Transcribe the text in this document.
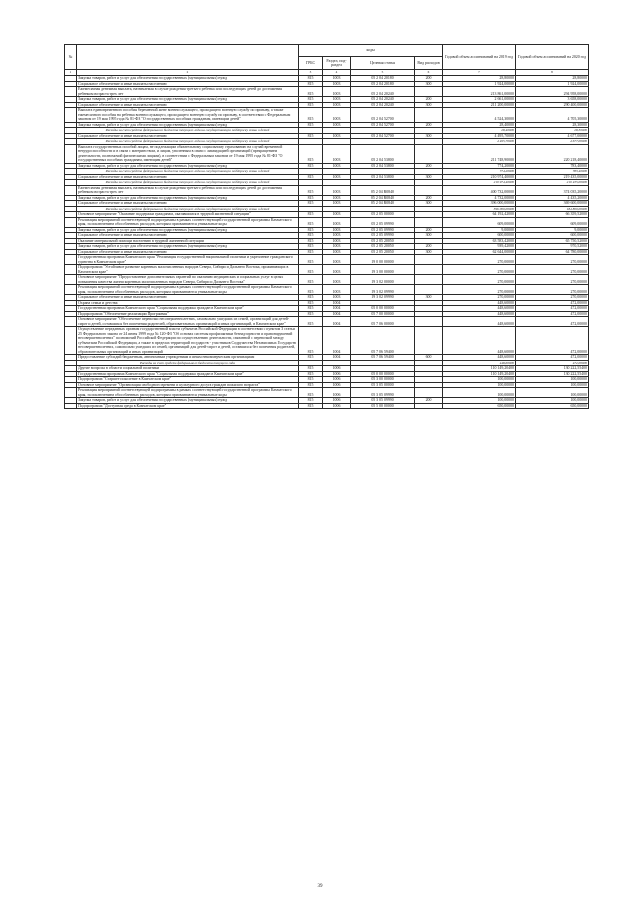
№		коды				Годовой объем ассигнований на 2019 год	Годовой объем ассигнований на 2020 год
		ГРБС	Раздел, под-раздел	Целевая статья	Вид расходов		
1	2	3	4	5	6	7	8
	Закупка товаров, работ и услуг для обеспечения государственных (муниципальных) нужд	815	1003	05 2 04 20180	200	28,80000	28,80000
	Социальное обеспечение и иные выплаты населению	815	1003	05 2 04 20180	300	1 924,00000	1 924,00000
	Ежемесячная денежная выплата, назначаемая в случае рождения третьего ребенка или последующих детей до достижения ребенком возраста трех лет	815	1003	05 2 04 20240		213 861,00000	294 958,00000
	Закупка товаров, работ и услуг для обеспечения государственных (муниципальных) нужд	815	1003	05 2 04 20240	200	2 661,00000	3 658,00000
	Социальное обеспечение и иные выплаты населению	815	1003	05 2 04 20240	300	211 200,00000	290 400,00000
	Выплата единовременного пособия беременной жене военнослужащего, проходящего военную службу по призыву, а также ежемесячного пособия на ребенка военнослужащего, проходящего военную службу по призыву, в соответствии с Федеральным законом от 19 мая 1995 года № 81-ФЗ "О государственных пособиях гражданам, имеющим детей"	815	1003	05 2 04 52700		4 524,30000	4 705,30000
	Закупка товаров, работ и услуг для обеспечения государственных (муниципальных) нужд	815	1003	05 2 04 52700	200	28,40000	28,30000
	Расходы за счет средств федерального бюджета текущего года на государственную поддержку семьи и детей					28,40000	28,30000
	Социальное обеспечение и иные выплаты населению	815	1003	05 2 04 52700	300	4 495,70000	4 677,00000
	Расходы за счет средств федерального бюджета текущего года на государственную поддержку семьи и детей					4 495,70000	4 677,00000
	Выплата государственных пособий лицам, не подлежащим обязательному социальному страхованию на случай временной нетрудоспособности и в связи с материнством, и лицам, уволенным в связи с ликвидацией организаций (прекращением деятельности, полномочий физическими лицами), в соответствии с Федеральным законом от 19 мая 1995 года № 81-ФЗ "О государственных пособиях гражданам, имеющим детей"	815	1003	05 2 04 53800		211 748,90000	220 218,40000
	Закупка товаров, работ и услуг для обеспечения государственных (муниципальных) нужд	815	1003	05 2 04 53800	200	774,20000	783,40000
	Расходы за счет средств федерального бюджета текущего года на государственную поддержку семьи и детей					774,20000	783,40000
	Социальное обеспечение и иные выплаты населению	815	1003	05 2 04 53800	300	210 974,40000	219 435,00000
	Расходы за счет средств федерального бюджета текущего года на государственную поддержку семьи и детей					210 974,40000	219 435,00000
	Ежемесячная денежная выплата, назначаемая в случае рождения третьего ребенка или последующих детей до достижения ребенком возраста трех лет	815	1003	05 2 04 R0840		400 732,00000	374 035,20000
	Закупка товаров, работ и услуг для обеспечения государственных (муниципальных) нужд	815	1003	05 2 04 R0840	200	4 732,00000	4 435,20000
	Социальное обеспечение и иные выплаты населению	815	1003	05 2 04 R0840	300	396 000,00000	369 600,00000
	Расходы за счет средств федерального бюджета текущего года на государственную поддержку семьи и детей					396 000,00000	184 800,00000
	Основное мероприятие "Оказание поддержки гражданам, оказавшимся в трудной жизненной ситуации"	815	1003	05 2 05 00000		64 192,42000	66 359,52000
	Реализация мероприятий соответствующей подпрограммы в рамках соответствующей государственной программы Камчатского края, за исключением обособленных расходов, которым присваиваются уникальные коды	815	1003	05 2 05 09990		609,00000	609,00000
	Закупка товаров, работ и услуг для обеспечения государственных (муниципальных) нужд	815	1003	05 2 05 09990	200	9,00000	9,00000
	Социальное обеспечение и иные выплаты населению	815	1003	05 2 05 09990	300	600,00000	600,00000
	Оказание материальной помощи населению в трудной жизненной ситуации	815	1003	05 2 05 20050		63 583,42000	65 750,52000
	Закупка товаров, работ и услуг для обеспечения государственных (муниципальных) нужд	815	1003	05 2 05 20050	200	939,42000	970,52000
	Социальное обеспечение и иные выплаты населению	815	1003	05 2 05 20050	300	62 644,00000	64 780,00000
	Государственная программа Камчатского края "Реализация государственной национальной политики и укрепление гражданского единства в Камчатском крае"	815	1003	19 0 00 00000		270,00000	270,00000
	Подпрограмма "Устойчивое развитие коренных малочисленных народов Севера, Сибири и Дальнего Востока, проживающих в Камчатском крае"	815	1003	19 3 00 00000		270,00000	270,00000
	Основное мероприятие "Предоставление дополнительных гарантий по оказанию медицинских и социальных услуг в целях повышения качества жизни коренных малочисленных народов Севера, Сибири и Дальнего Востока"	815	1003	19 3 02 00000		270,00000	270,00000
	Реализация мероприятий соответствующей подпрограммы в рамках соответствующей государственной программы Камчатского края, за исключением обособленных расходов, которым присваиваются уникальные коды	815	1003	19 3 02 09990		270,00000	270,00000
	Социальное обеспечение и иные выплаты населению	815	1003	19 3 02 09990	300	270,00000	270,00000
	Охрана семьи и детства	815	1004			448,60000	472,00000
	Государственная программа Камчатского края "Социальная поддержка граждан в Камчатском крае"	815	1004	05 0 00 00000		448,60000	472,00000
	Подпрограмма "Обеспечение реализации Программы"	815	1004	05 7 00 00000		448,60000	472,00000
	Основное мероприятие "Обеспечение перевозки несовершеннолетних, самовольно ушедших из семей, организаций для детей-сирот и детей, оставшихся без попечения родителей, образовательных организаций и иных организаций, в Камчатском крае"	815	1004	05 7 06 00000		448,60000	472,00000
	Осуществление переданных органам государственной власти субъектов Российской Федерации в соответствии с пунктом 3 статьи 25 Федерального закона от 24 июня 1999 года № 120-ФЗ "Об основах системы профилактики безнадзорности и правонарушений несовершеннолетних" полномочий Российской Федерации по осуществлению деятельности, связанной с перевозкой между субъектами Российской Федерации, а также в пределах территорий государств - участников Содружества Независимых Государств несовершеннолетних, самовольно ушедших из семей, организаций для детей-сирот и детей, оставшихся без попечения родителей, образовательных организаций и иных организаций	815	1004	05 7 06 59400		448,60000	472,00000
	Предоставление субсидий бюджетным, автономным учреждениям и иным некоммерческим организациям	815	1004	05 7 06 59400	600	448,60000	472,00000
	Расходы за счет средств федерального бюджета текущего года					448,60000	472,00000
	Другие вопросы в области социальной политики	815	1006			110 149,20400	130 222,55400
	Государственная программа Камчатского края "Социальная поддержка граждан в Камчатском крае"	815	1006	05 0 00 00000		110 149,20400	130 222,55400
	Подпрограмма "Старшее поколение в Камчатском крае"	815	1006	05 3 00 00000		100,00000	100,00000
	Основное мероприятие "Организация свободного времени и культурного досуга граждан пожилого возраста"	815	1006	05 3 05 00000		100,00000	100,00000
	Реализация мероприятий соответствующей подпрограммы в рамках соответствующей государственной программы Камчатского края, за исключением обособленных расходов, которым присваиваются уникальные коды	815	1006	05 3 05 09990		100,00000	100,00000
	Закупка товаров, работ и услуг для обеспечения государственных (муниципальных) нужд	815	1006	05 3 05 09990	200	100,00000	100,00000
	Подпрограмма "Доступная среда в Камчатском крае"	815	1006	05 5 00 00000		650,00000	650,00000
39
